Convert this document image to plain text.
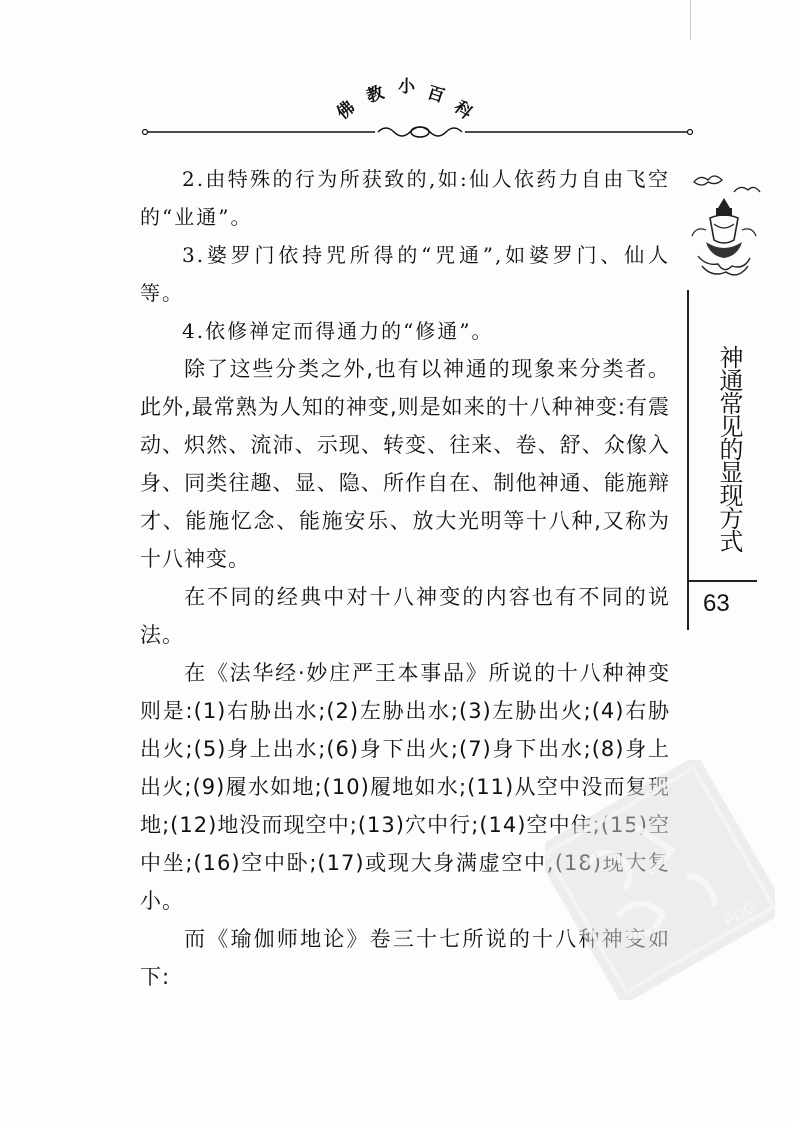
佛
教 小 百
科

2.由特殊的行为所获致的,如:仙人依药力自由飞空的“业通”。

3.婆罗门依持咒所得的“咒通”,如婆罗门、仙人等。

4.依修禅定而得通力的“修通”。

除了这些分类之外,也有以神通的现象来分类者。此外,最常熟为人知的神变,则是如来的十八种神变:有震动、炽然、流沛、示现、转变、往来、卷、舒、众像入身、同类往趣、显、隐、所作自在、制他神通、能施辩才、能施忆念、能施安乐、放大光明等十八种,又称为十八神变。

在不同的经典中对十八神变的内容也有不同的说法。

在《法华经·妙庄严王本事品》所说的十八种神变则是:(1)右胁出水;(2)左胁出水;(3)左胁出火;(4)右胁出火;(5)身上出水;(6)身下出火;(7)身下出水;(8)身上出火;(9)履水如地;(10)履地如水;(11)从空中没而复现地;(12)地没而现空中;(13)穴中行;(14)空中住;(15)空中坐;(16)空中卧;(17)或现大身满虚空中;(18)现大复小。

而《瑜伽师地论》卷三十七所说的十八种神变如下:

神通常见的显现方式
63
PDG
